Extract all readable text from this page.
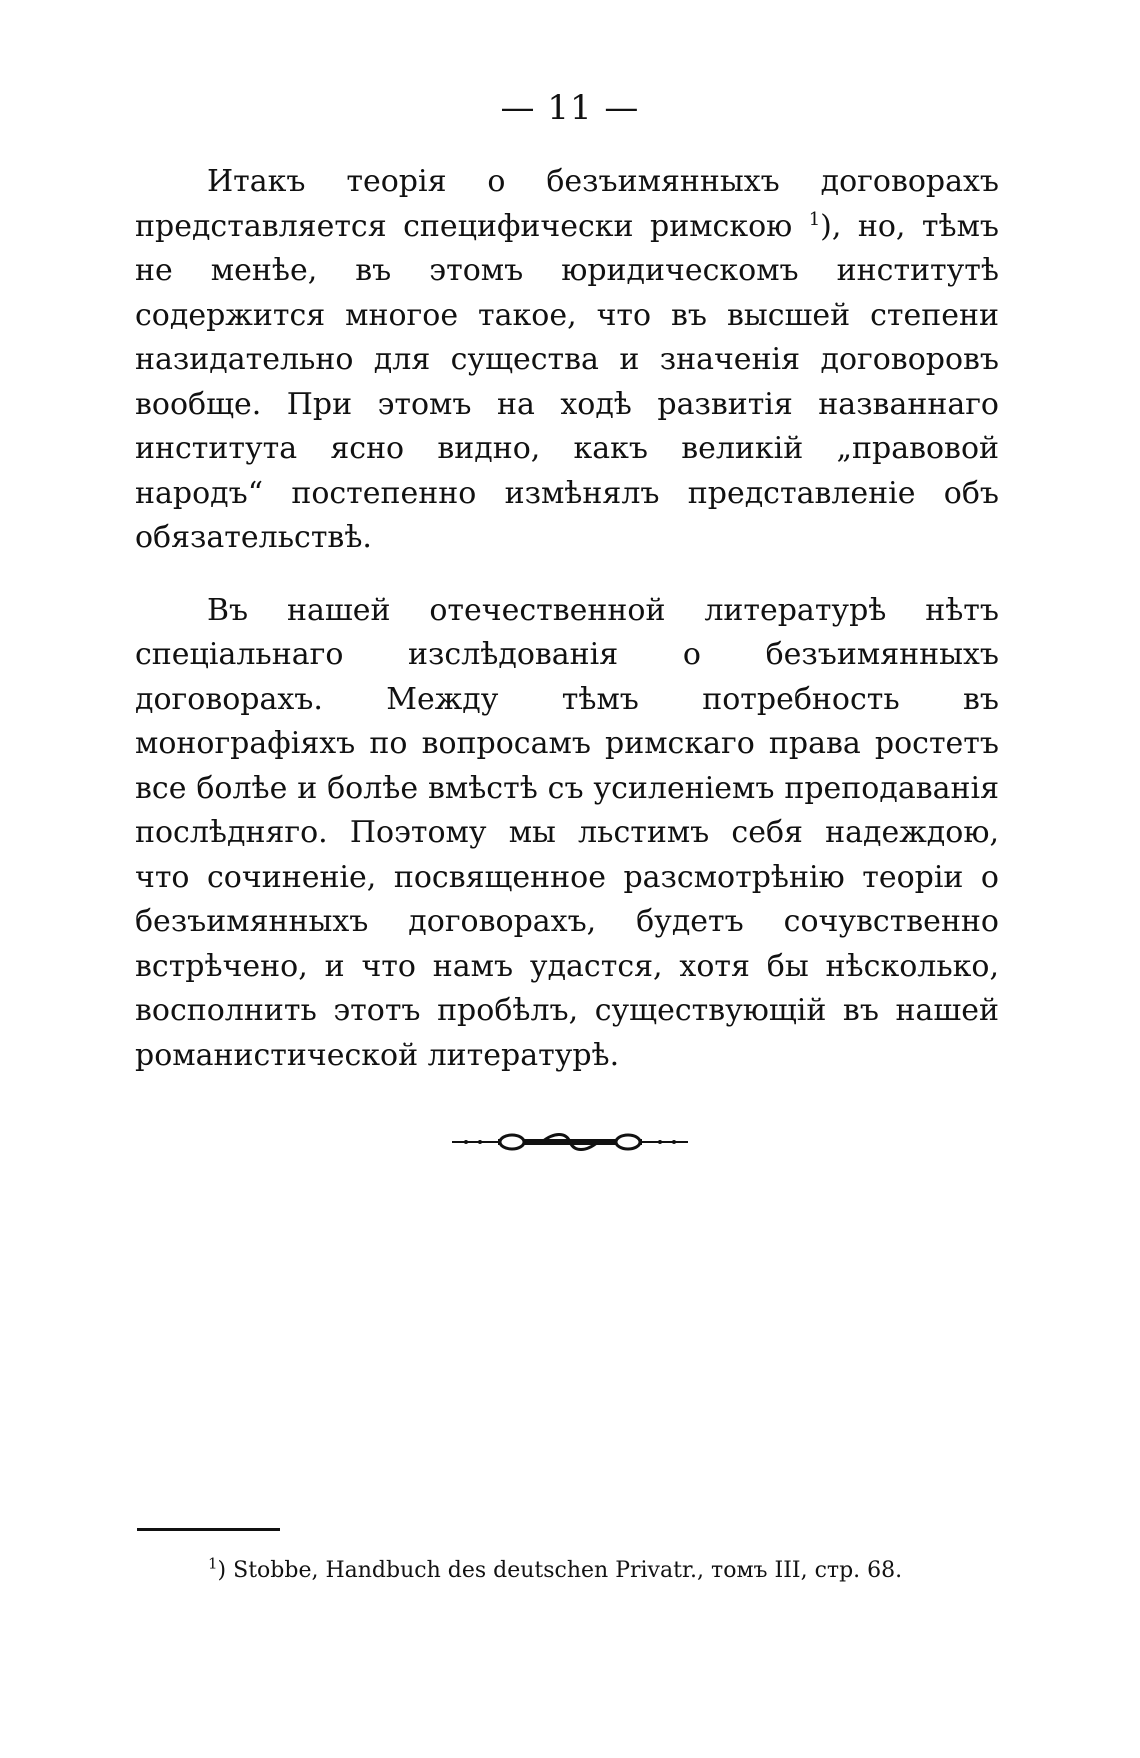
— 11 —

Итакъ теорія о безъимянныхъ договорахъ представляется специфически римскою $^1$), но, тѣмъ не менѣе, въ этомъ юридическомъ институтѣ содержится многое такое, что въ высшей степени назидательно для существа и значенія договоровъ вообще. При этомъ на ходѣ развитія названнаго института ясно видно, какъ великій „правовой народъ“ постепенно измѣнялъ представленіе объ обязательствѣ.

Въ нашей отечественной литературѣ нѣтъ спеціальнаго изслѣдованія о безъимянныхъ договорахъ. Между тѣмъ потребность въ монографіяхъ по вопросамъ римскаго права ростетъ все болѣе и болѣе вмѣстѣ съ усиленіемъ преподаванія послѣдняго. Поэтому мы льстимъ себя надеждою, что сочиненіе, посвященное разсмотрѣнію теоріи о безъимянныхъ договорахъ, будетъ сочувственно встрѣчено, и что намъ удастся, хотя бы нѣсколько, восполнить этотъ пробѣлъ, существующій въ нашей романистической литературѣ.

$^1$) Stobbe, Handbuch des deutschen Privatr., томъ III, стр. 68.
